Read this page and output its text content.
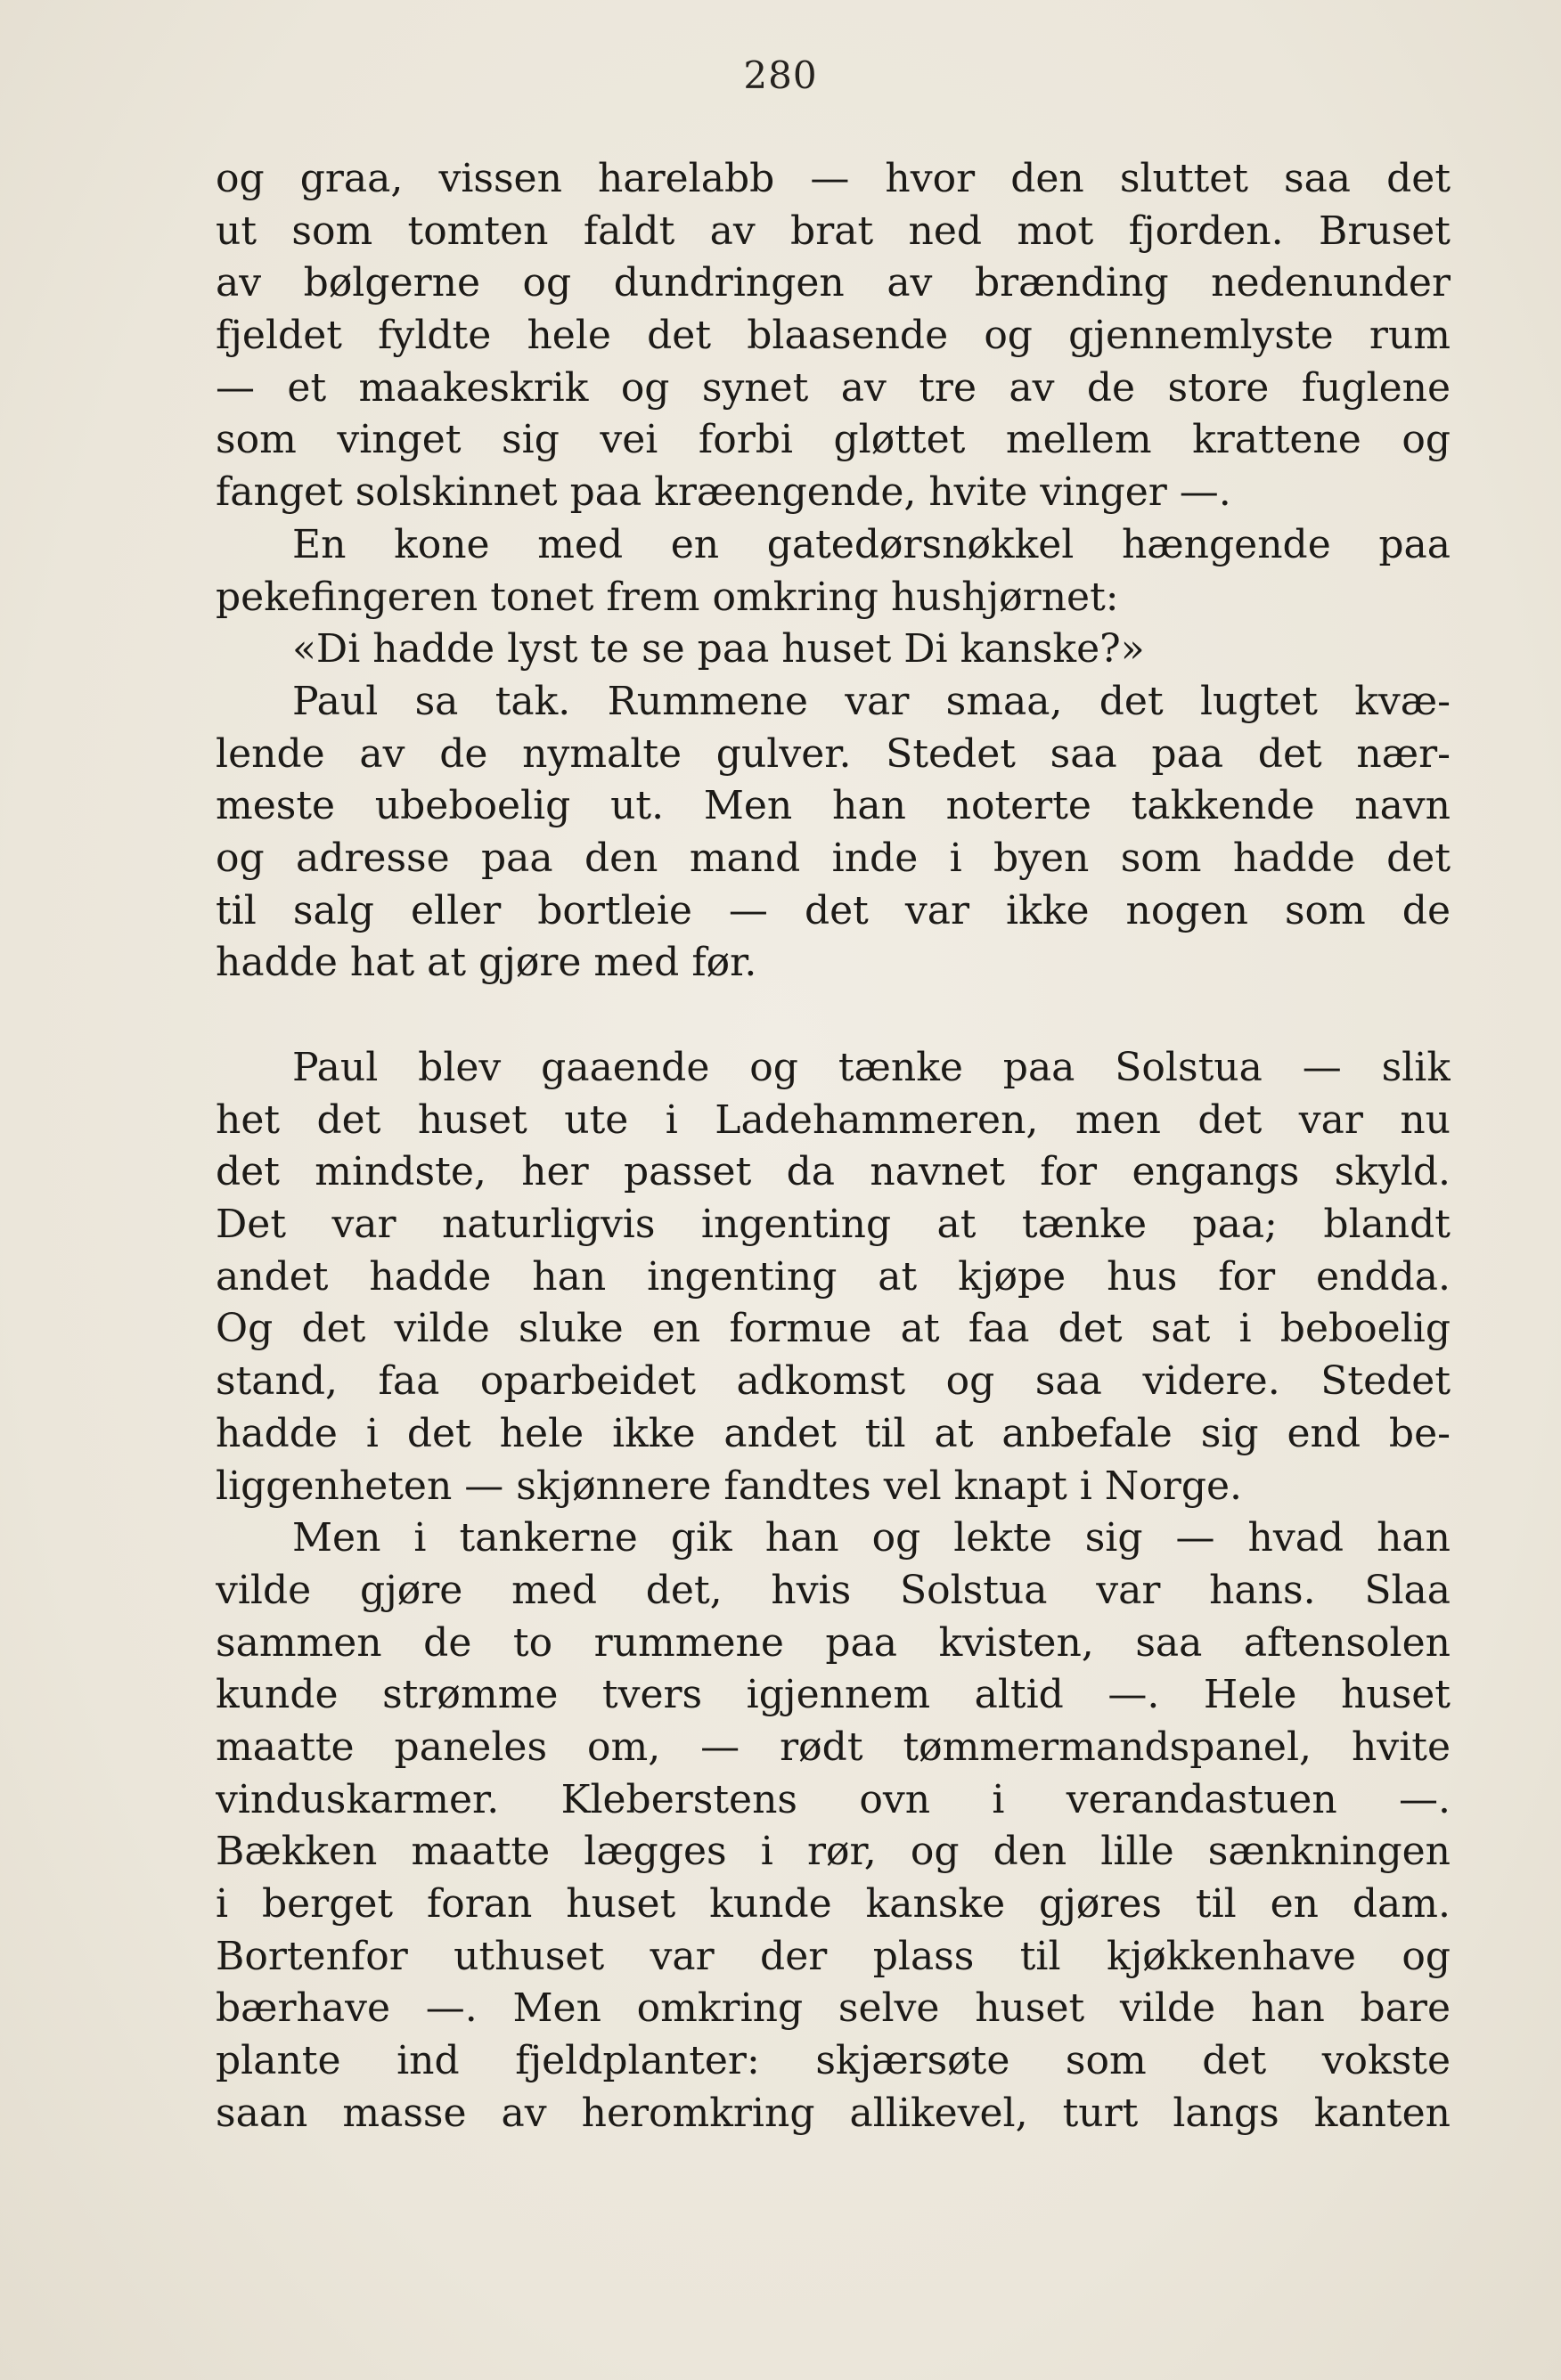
280
og graa, vissen harelabb — hvor den sluttet saa det
ut som tomten faldt av brat ned mot fjorden. Bruset
av bølgerne og dundringen av brænding nedenunder
fjeldet fyldte hele det blaasende og gjennemlyste rum
— et maakeskrik og synet av tre av de store fuglene
som vinget sig vei forbi gløttet mellem krattene og
fanget solskinnet paa kræengende, hvite vinger —.
En kone med en gatedørsnøkkel hængende paa
pekefingeren tonet frem omkring hushjørnet:
«Di hadde lyst te se paa huset Di kanske?»
Paul sa tak. Rummene var smaa, det lugtet kvæ-
lende av de nymalte gulver. Stedet saa paa det nær-
meste ubeboelig ut. Men han noterte takkende navn
og adresse paa den mand inde i byen som hadde det
til salg eller bortleie — det var ikke nogen som de
hadde hat at gjøre med før.
Paul blev gaaende og tænke paa Solstua — slik
het det huset ute i Ladehammeren, men det var nu
det mindste, her passet da navnet for engangs skyld.
Det var naturligvis ingenting at tænke paa; blandt
andet hadde han ingenting at kjøpe hus for endda.
Og det vilde sluke en formue at faa det sat i beboelig
stand, faa oparbeidet adkomst og saa videre. Stedet
hadde i det hele ikke andet til at anbefale sig end be-
liggenheten — skjønnere fandtes vel knapt i Norge.
Men i tankerne gik han og lekte sig — hvad han
vilde gjøre med det, hvis Solstua var hans. Slaa
sammen de to rummene paa kvisten, saa aftensolen
kunde strømme tvers igjennem altid —. Hele huset
maatte paneles om, — rødt tømmermandspanel, hvite
vinduskarmer. Kleberstens ovn i verandastuen —.
Bækken maatte lægges i rør, og den lille sænkningen
i berget foran huset kunde kanske gjøres til en dam.
Bortenfor uthuset var der plass til kjøkkenhave og
bærhave —. Men omkring selve huset vilde han bare
plante ind fjeldplanter: skjærsøte som det vokste
saan masse av heromkring allikevel, turt langs kanten
